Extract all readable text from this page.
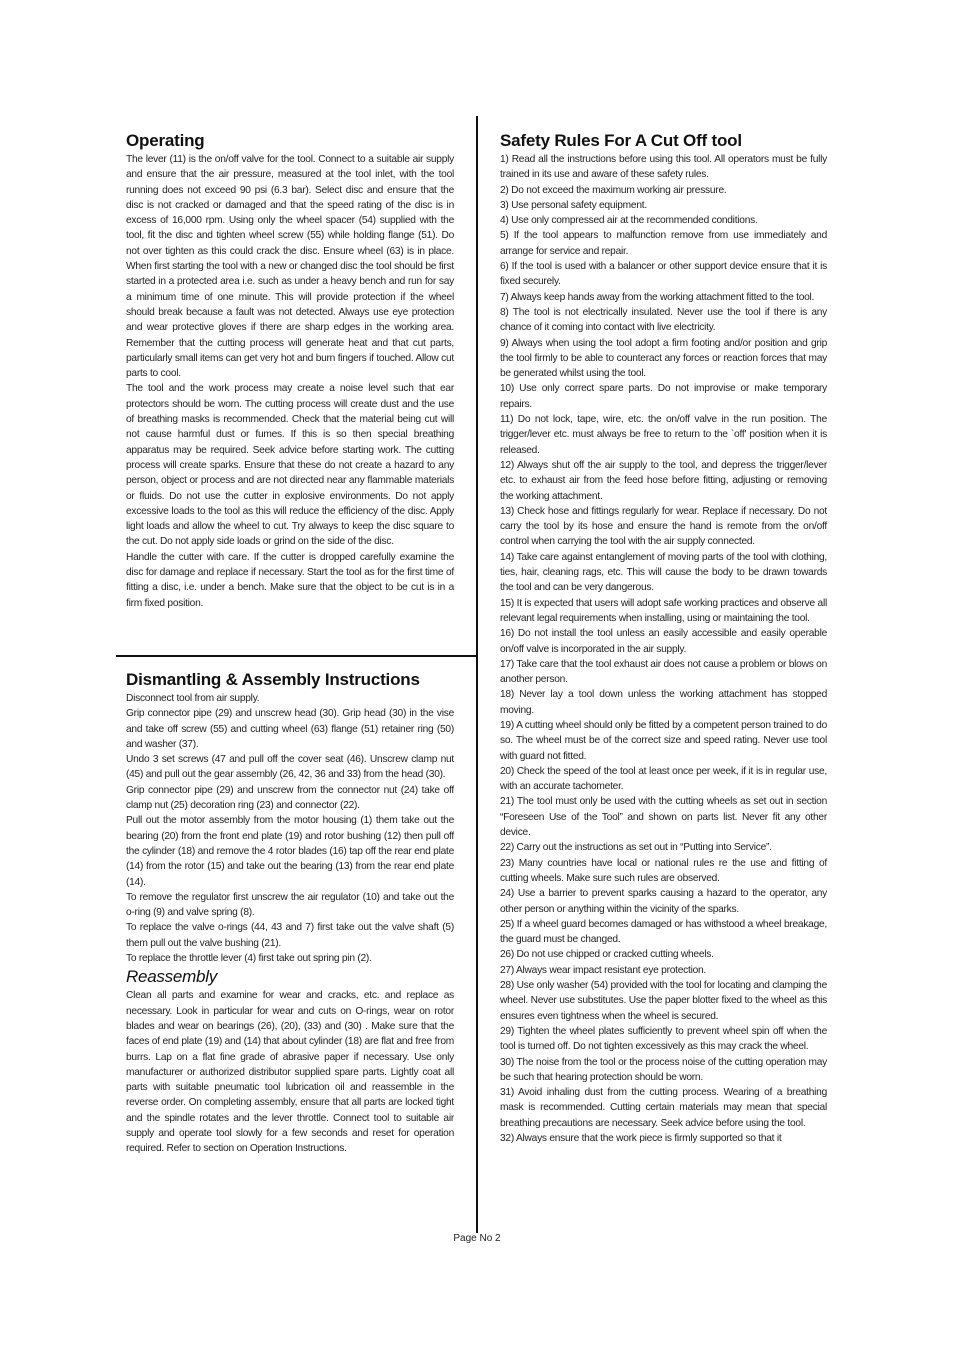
Operating

The lever (11) is the on/off valve for the tool. Connect to a suitable air supply and ensure that the air pressure, measured at the tool inlet, with the tool running does not exceed 90 psi (6.3 bar). Select disc and ensure that the disc is not cracked or damaged and that the speed rating of the disc is in excess of 16,000 rpm. Using only the wheel spacer (54) supplied with the tool, fit the disc and tighten wheel screw (55) while holding flange (51). Do not over tighten as this could crack the disc. Ensure wheel (63) is in place. When first starting the tool with a new or changed disc the tool should be first started in a protected area i.e. such as under a heavy bench and run for say a minimum time of one minute. This will provide protection if the wheel should break because a fault was not detected. Always use eye protection and wear protective gloves if there are sharp edges in the working area. Remember that the cutting process will generate heat and that cut parts, particularly small items can get very hot and burn fingers if touched. Allow cut parts to cool.

The tool and the work process may create a noise level such that ear protectors should be worn. The cutting process will create dust and the use of breathing masks is recommended. Check that the material being cut will not cause harmful dust or fumes. If this is so then special breathing apparatus may be required. Seek advice before starting work. The cutting process will create sparks. Ensure that these do not create a hazard to any person, object or process and are not directed near any flammable materials or fluids. Do not use the cutter in explosive environments. Do not apply excessive loads to the tool as this will reduce the efficiency of the disc. Apply light loads and allow the wheel to cut. Try always to keep the disc square to the cut. Do not apply side loads or grind on the side of the disc.

Handle the cutter with care. If the cutter is dropped carefully examine the disc for damage and replace if necessary. Start the tool as for the first time of fitting a disc, i.e. under a bench. Make sure that the object to be cut is in a firm fixed position.

Dismantling & Assembly Instructions

Disconnect tool from air supply.

Grip connector pipe (29) and unscrew head (30). Grip head (30) in the vise and take off screw (55) and cutting wheel (63) flange (51) retainer ring (50) and washer (37).

Undo 3 set screws (47 and pull off the cover seat (46). Unscrew clamp nut (45) and pull out the gear assembly (26, 42, 36 and 33) from the head (30).

Grip connector pipe (29) and unscrew from the connector nut (24) take off clamp nut (25) decoration ring (23) and connector (22).

Pull out the motor assembly from the motor housing (1) them take out the bearing (20) from the front end plate (19) and rotor bushing (12) then pull off the cylinder (18) and remove the 4 rotor blades (16) tap off the rear end plate (14) from the rotor (15) and take out the bearing (13) from the rear end plate (14).

To remove the regulator first unscrew the air regulator (10) and take out the o-ring (9) and valve spring (8).

To replace the valve o-rings (44, 43 and 7) first take out the valve shaft (5) them pull out the valve bushing (21).

To replace the throttle lever (4) first take out spring pin (2).

Reassembly

Clean all parts and examine for wear and cracks, etc. and replace as necessary. Look in particular for wear and cuts on O-rings, wear on rotor blades and wear on bearings (26), (20), (33) and (30) . Make sure that the faces of end plate (19) and (14) that about cylinder (18) are flat and free from burrs. Lap on a flat fine grade of abrasive paper if necessary. Use only manufacturer or authorized distributor supplied spare parts. Lightly coat all parts with suitable pneumatic tool lubrication oil and reassemble in the reverse order. On completing assembly, ensure that all parts are locked tight and the spindle rotates and the lever throttle. Connect tool to suitable air supply and operate tool slowly for a few seconds and reset for operation required. Refer to section on Operation Instructions.

Safety Rules For A Cut Off tool

1) Read all the instructions before using this tool. All operators must be fully trained in its use and aware of these safety rules.

2) Do not exceed the maximum working air pressure.

3) Use personal safety equipment.

4) Use only compressed air at the recommended conditions.

5) If the tool appears to malfunction remove from use immediately and arrange for service and repair.

6) If the tool is used with a balancer or other support device ensure that it is fixed securely.

7) Always keep hands away from the working attachment fitted to the tool.

8) The tool is not electrically insulated. Never use the tool if there is any chance of it coming into contact with live electricity.

9) Always when using the tool adopt a firm footing and/or position and grip the tool firmly to be able to counteract any forces or reaction forces that may be generated whilst using the tool.

10) Use only correct spare parts. Do not improvise or make temporary repairs.

11) Do not lock, tape, wire, etc. the on/off valve in the run position. The trigger/lever etc. must always be free to return to the `off' position when it is released.

12) Always shut off the air supply to the tool, and depress the trigger/lever etc. to exhaust air from the feed hose before fitting, adjusting or removing the working attachment.

13) Check hose and fittings regularly for wear. Replace if necessary. Do not carry the tool by its hose and ensure the hand is remote from the on/off control when carrying the tool with the air supply connected.

14) Take care against entanglement of moving parts of the tool with clothing, ties, hair, cleaning rags, etc. This will cause the body to be drawn towards the tool and can be very dangerous.

15) It is expected that users will adopt safe working practices and observe all relevant legal requirements when installing, using or maintaining the tool.

16) Do not install the tool unless an easily accessible and easily operable on/off valve is incorporated in the air supply.

17) Take care that the tool exhaust air does not cause a problem or blows on another person.

18) Never lay a tool down unless the working attachment has stopped moving.

19) A cutting wheel should only be fitted by a competent person trained to do so. The wheel must be of the correct size and speed rating. Never use tool with guard not fitted.

20) Check the speed of the tool at least once per week, if it is in regular use, with an accurate tachometer.

21) The tool must only be used with the cutting wheels as set out in section “Foreseen Use of the Tool” and shown on parts list. Never fit any other device.

22) Carry out the instructions as set out in “Putting into Service”.

23) Many countries have local or national rules re the use and fitting of cutting wheels. Make sure such rules are observed.

24) Use a barrier to prevent sparks causing a hazard to the operator, any other person or anything within the vicinity of the sparks.

25) If a wheel guard becomes damaged or has withstood a wheel breakage, the guard must be changed.

26) Do not use chipped or cracked cutting wheels.

27) Always wear impact resistant eye protection.

28) Use only washer (54) provided with the tool for locating and clamping the wheel. Never use substitutes. Use the paper blotter fixed to the wheel as this ensures even tightness when the wheel is secured.

29) Tighten the wheel plates sufficiently to prevent wheel spin off when the tool is turned off. Do not tighten excessively as this may crack the wheel.

30) The noise from the tool or the process noise of the cutting operation may be such that hearing protection should be worn.

31) Avoid inhaling dust from the cutting process. Wearing of a breathing mask is recommended. Cutting certain materials may mean that special breathing precautions are necessary. Seek advice before using the tool.

32) Always ensure that the work piece is firmly supported so that it

Page No 2
